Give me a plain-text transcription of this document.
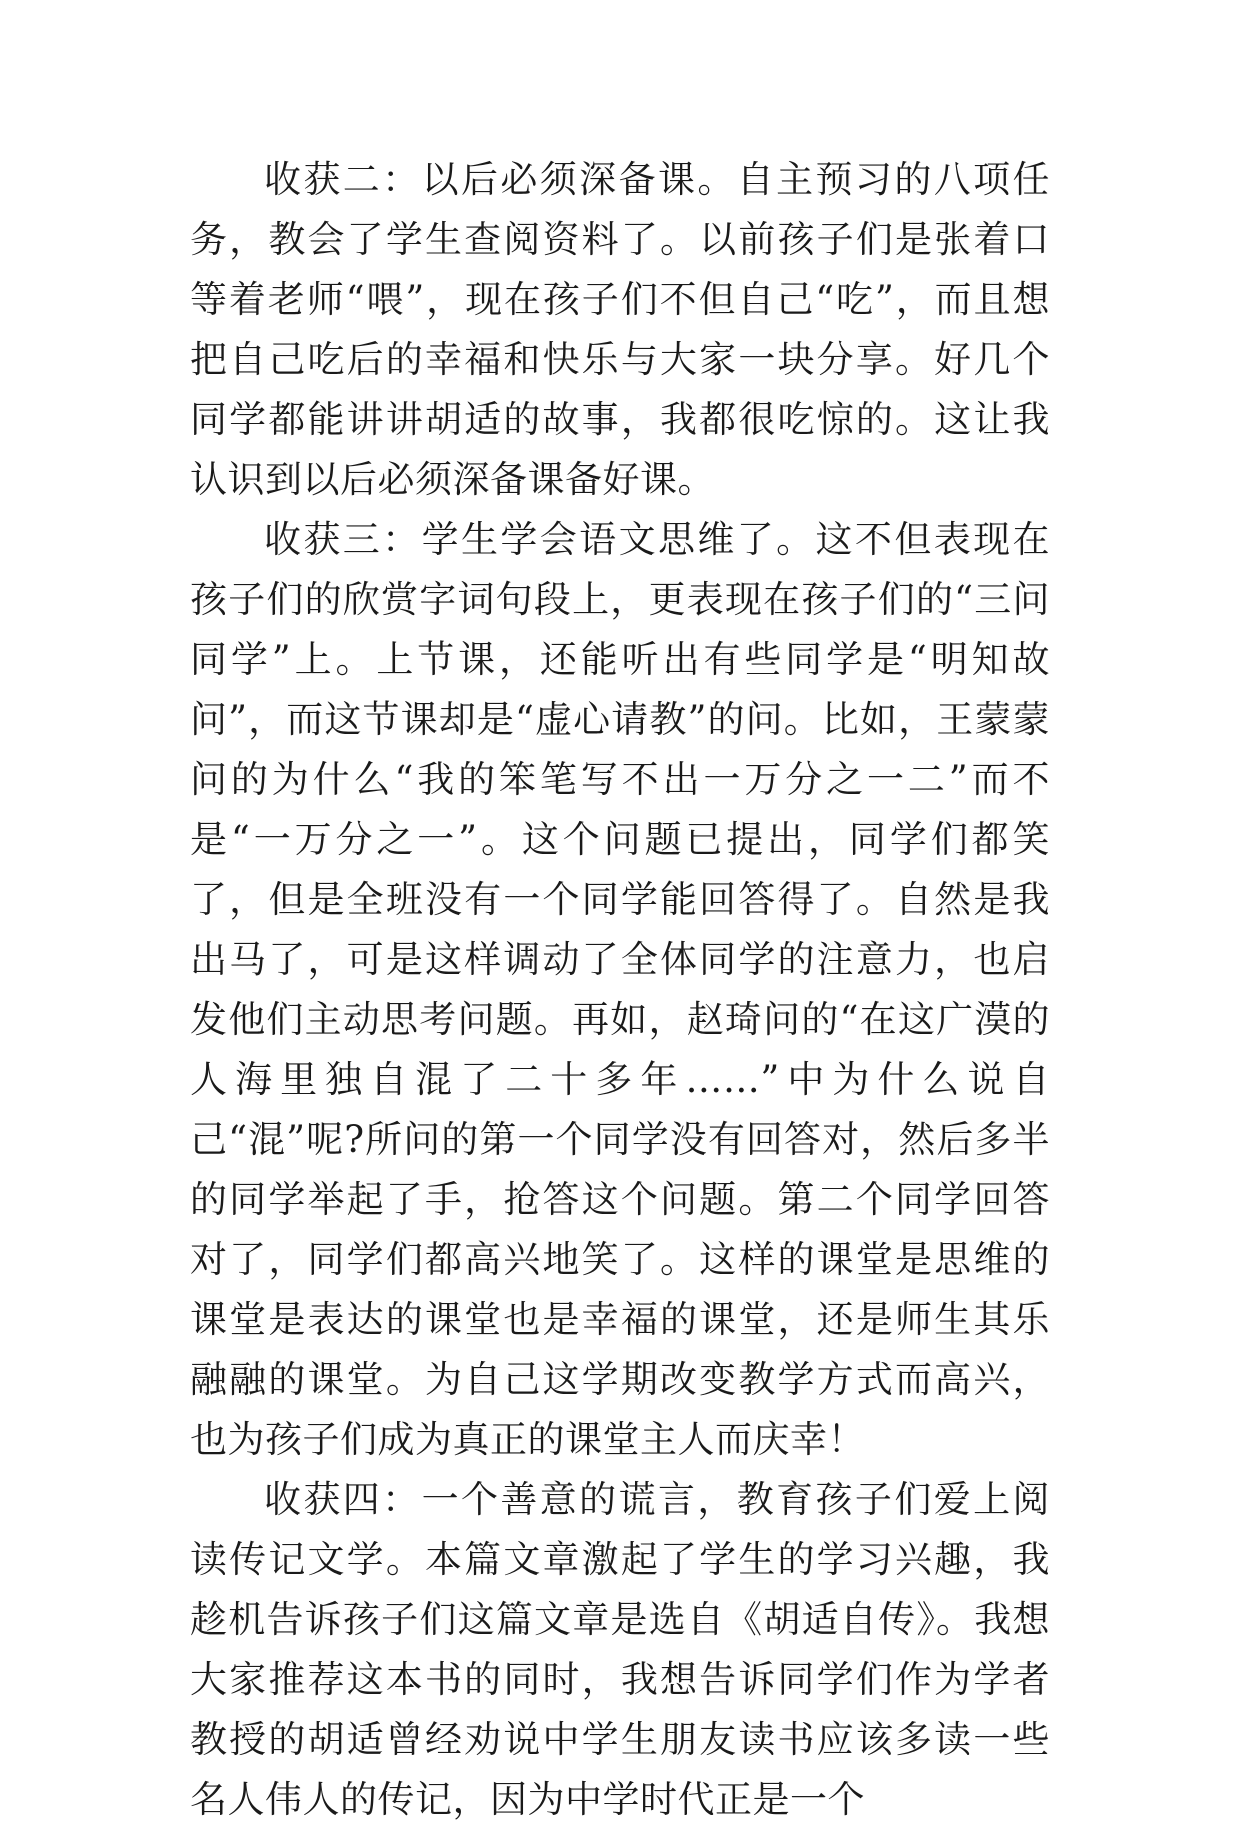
收获二：以后必须深备课。自主预习的八项任务，教会了学生查阅资料了。以前孩子们是张着口等着老师“喂”，现在孩子们不但自己“吃”，而且想把自己吃后的幸福和快乐与大家一块分享。好几个同学都能讲讲胡适的故事，我都很吃惊的。这让我认识到以后必须深备课备好课。

收获三：学生学会语文思维了。这不但表现在孩子们的欣赏字词句段上，更表现在孩子们的“三问同学”上。上节课，还能听出有些同学是“明知故问”，而这节课却是“虚心请教”的问。比如，王蒙蒙问的为什么“我的笨笔写不出一万分之一二”而不是“一万分之一”。这个问题已提出，同学们都笑了，但是全班没有一个同学能回答得了。自然是我出马了，可是这样调动了全体同学的注意力，也启发他们主动思考问题。再如，赵琦问的“在这广漠的人海里独自混了二十多年……”中为什么说自己“混”呢?所问的第一个同学没有回答对，然后多半的同学举起了手，抢答这个问题。第二个同学回答对了，同学们都高兴地笑了。这样的课堂是思维的课堂是表达的课堂也是幸福的课堂，还是师生其乐融融的课堂。为自己这学期改变教学方式而高兴，也为孩子们成为真正的课堂主人而庆幸！

收获四：一个善意的谎言，教育孩子们爱上阅读传记文学。本篇文章激起了学生的学习兴趣，我趁机告诉孩子们这篇文章是选自《胡适自传》。我想大家推荐这本书的同时，我想告诉同学们作为学者教授的胡适曾经劝说中学生朋友读书应该多读一些名人伟人的传记，因为中学时代正是一个
